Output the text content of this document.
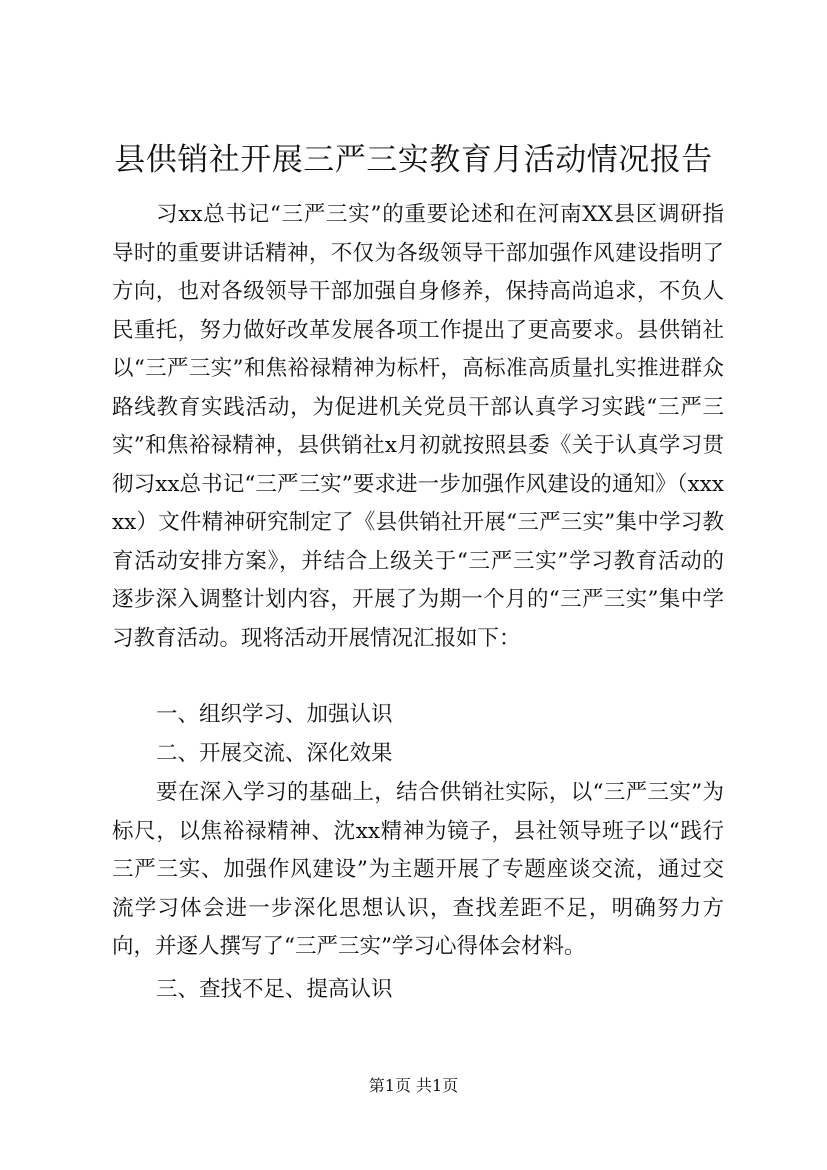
县供销社开展三严三实教育月活动情况报告
习xx总书记“三严三实”的重要论述和在河南XX县区调研指导时的重要讲话精神，不仅为各级领导干部加强作风建设指明了方向，也对各级领导干部加强自身修养，保持高尚追求，不负人民重托，努力做好改革发展各项工作提出了更高要求。县供销社以“三严三实”和焦裕禄精神为标杆，高标准高质量扎实推进群众路线教育实践活动，为促进机关党员干部认真学习实践“三严三实”和焦裕禄精神，县供销社x月初就按照县委《关于认真学习贯彻习xx总书记“三严三实”要求进一步加强作风建设的通知》（xxxxx）文件精神研究制定了《县供销社开展“三严三实”集中学习教育活动安排方案》，并结合上级关于“三严三实”学习教育活动的逐步深入调整计划内容，开展了为期一个月的“三严三实”集中学习教育活动。现将活动开展情况汇报如下：
一、组织学习、加强认识
二、开展交流、深化效果
要在深入学习的基础上，结合供销社实际，以“三严三实”为标尺，以焦裕禄精神、沈xx精神为镜子，县社领导班子以“践行三严三实、加强作风建设”为主题开展了专题座谈交流，通过交流学习体会进一步深化思想认识，查找差距不足，明确努力方向，并逐人撰写了“三严三实”学习心得体会材料。
三、查找不足、提高认识
第1页 共1页
